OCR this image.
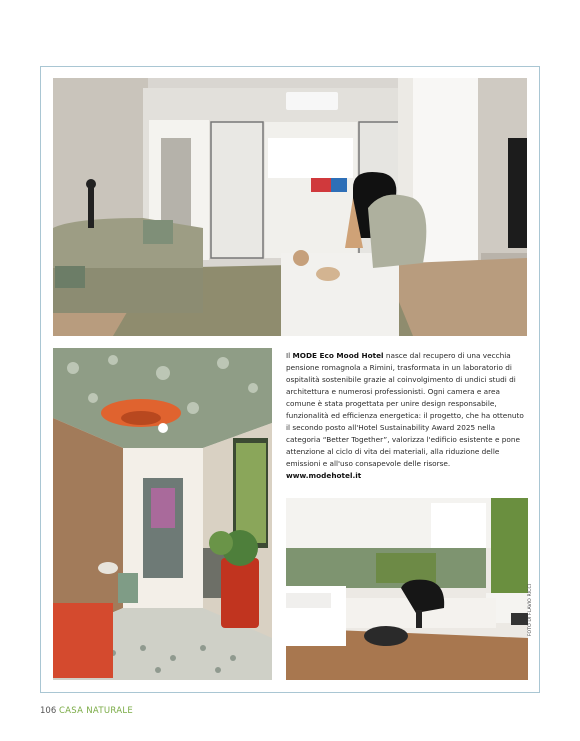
Il MODE Eco Mood Hotel nasce dal recupero di una vecchia pensione romagnola a Rimini, trasformata in un laboratorio di ospitalità sostenibile grazie al coinvolgimento di undici studi di architettura e numerosi professionisti. Ogni camera e area comune è stata progettata per unire design responsabile, funzionalità ed efficienza energetica: il progetto, che ha ottenuto il secondo posto all'Hotel Sustainability Award 2025 nella categoria “Better Together”, valorizza l'edificio esistente e pone attenzione al ciclo di vita dei materiali, alla riduzione delle emissioni e all'uso consapevole delle risorse.
www.modehotel.it

FOTO DI FLAVIO RICCI
106 CASA NATURALE
